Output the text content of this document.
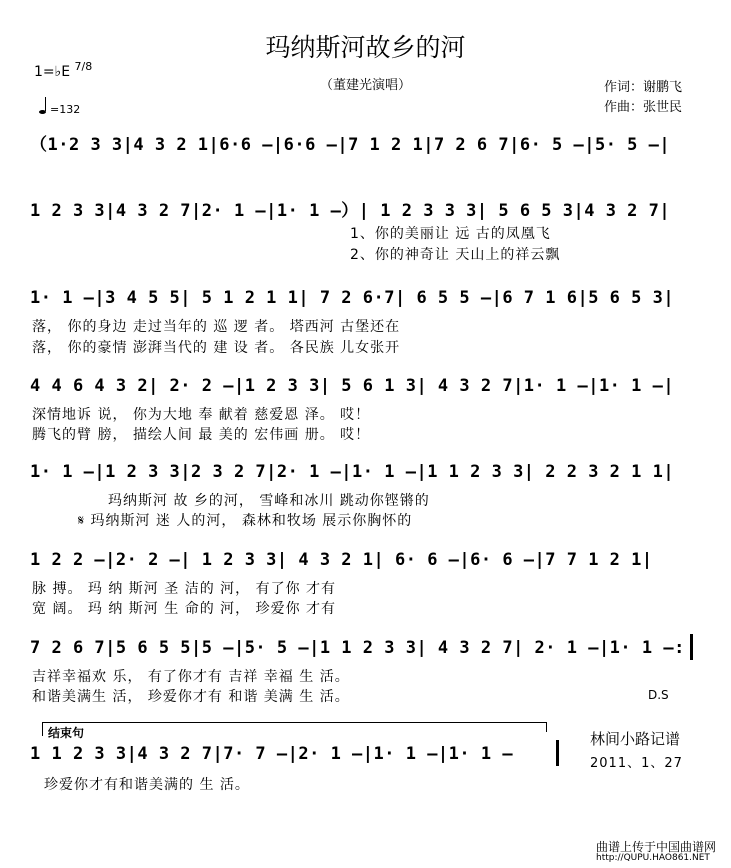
玛纳斯河故乡的河
（董建光演唱）	作词：谢鹏飞
作曲：张世民
1=♭E $^{7/8}$
=132
（1·2 3 3|4 3 2 1|6·6 —|6·6 —|7 1 2 1|7 2 6 7|6· 5 —|5· 5 —|
1 2 3 3|4 3 2 7|2· 1 —|1· 1 —）| 1 2 3 3 3| 5 6 5 3|4 3 2 7|
1、你的美丽让 远 古的凤凰飞
2、你的神奇让 天山上的祥云飘
1· 1 —|3 4 5 5| 5 1 2 1 1| 7 2 6·7| 6 5 5 —|6 7 1 6|5 6 5 3|
落， 你的身边 走过当年的 巡 逻 者。 塔西河 古堡还在
落， 你的豪情 澎湃当代的 建 设 者。 各民族 儿女张开
4 4 6 4 3 2| 2· 2 —|1 2 3 3| 5 6 1 3| 4 3 2 7|1· 1 —|1· 1 —|
深情地诉 说， 你为大地 奉 献着 慈爱恩 泽。 哎！
腾飞的臂 膀， 描绘人间 最 美的 宏伟画 册。 哎！
1· 1 —|1 2 3 3|2 3 2 7|2· 1 —|1· 1 —|1 1 2 3 3| 2 2 3 2 1 1|
玛纳斯河 故 乡的河， 雪峰和冰川 跳动你铿锵的
𝄋 玛纳斯河 迷 人的河， 森林和牧场 展示你胸怀的
1 2 2 —|2· 2 —| 1 2 3 3| 4 3 2 1| 6· 6 —|6· 6 —|7 7 1 2 1|
脉 搏。 玛 纳 斯河 圣 洁的 河， 有了你 才有
宽 阔。 玛 纳 斯河 生 命的 河， 珍爱你 才有
7 2 6 7|5 6 5 5|5 —|5· 5 —|1 1 2 3 3| 4 3 2 7| 2· 1 —|1· 1 —:
吉祥幸福欢 乐， 有了你才有 吉祥 幸福 生 活。
和谐美满生 活， 珍爱你才有 和谐 美满 生 活。	D.S
结束句
1 1 2 3 3|4 3 2 7|7· 7 —|2· 1 —|1· 1 —|1· 1 —
珍爱你才有和谐美满的 生 活。
林间小路记谱
2011、1、27
曲谱上传于中国曲谱网
http://QUPU.HAO861.NET
